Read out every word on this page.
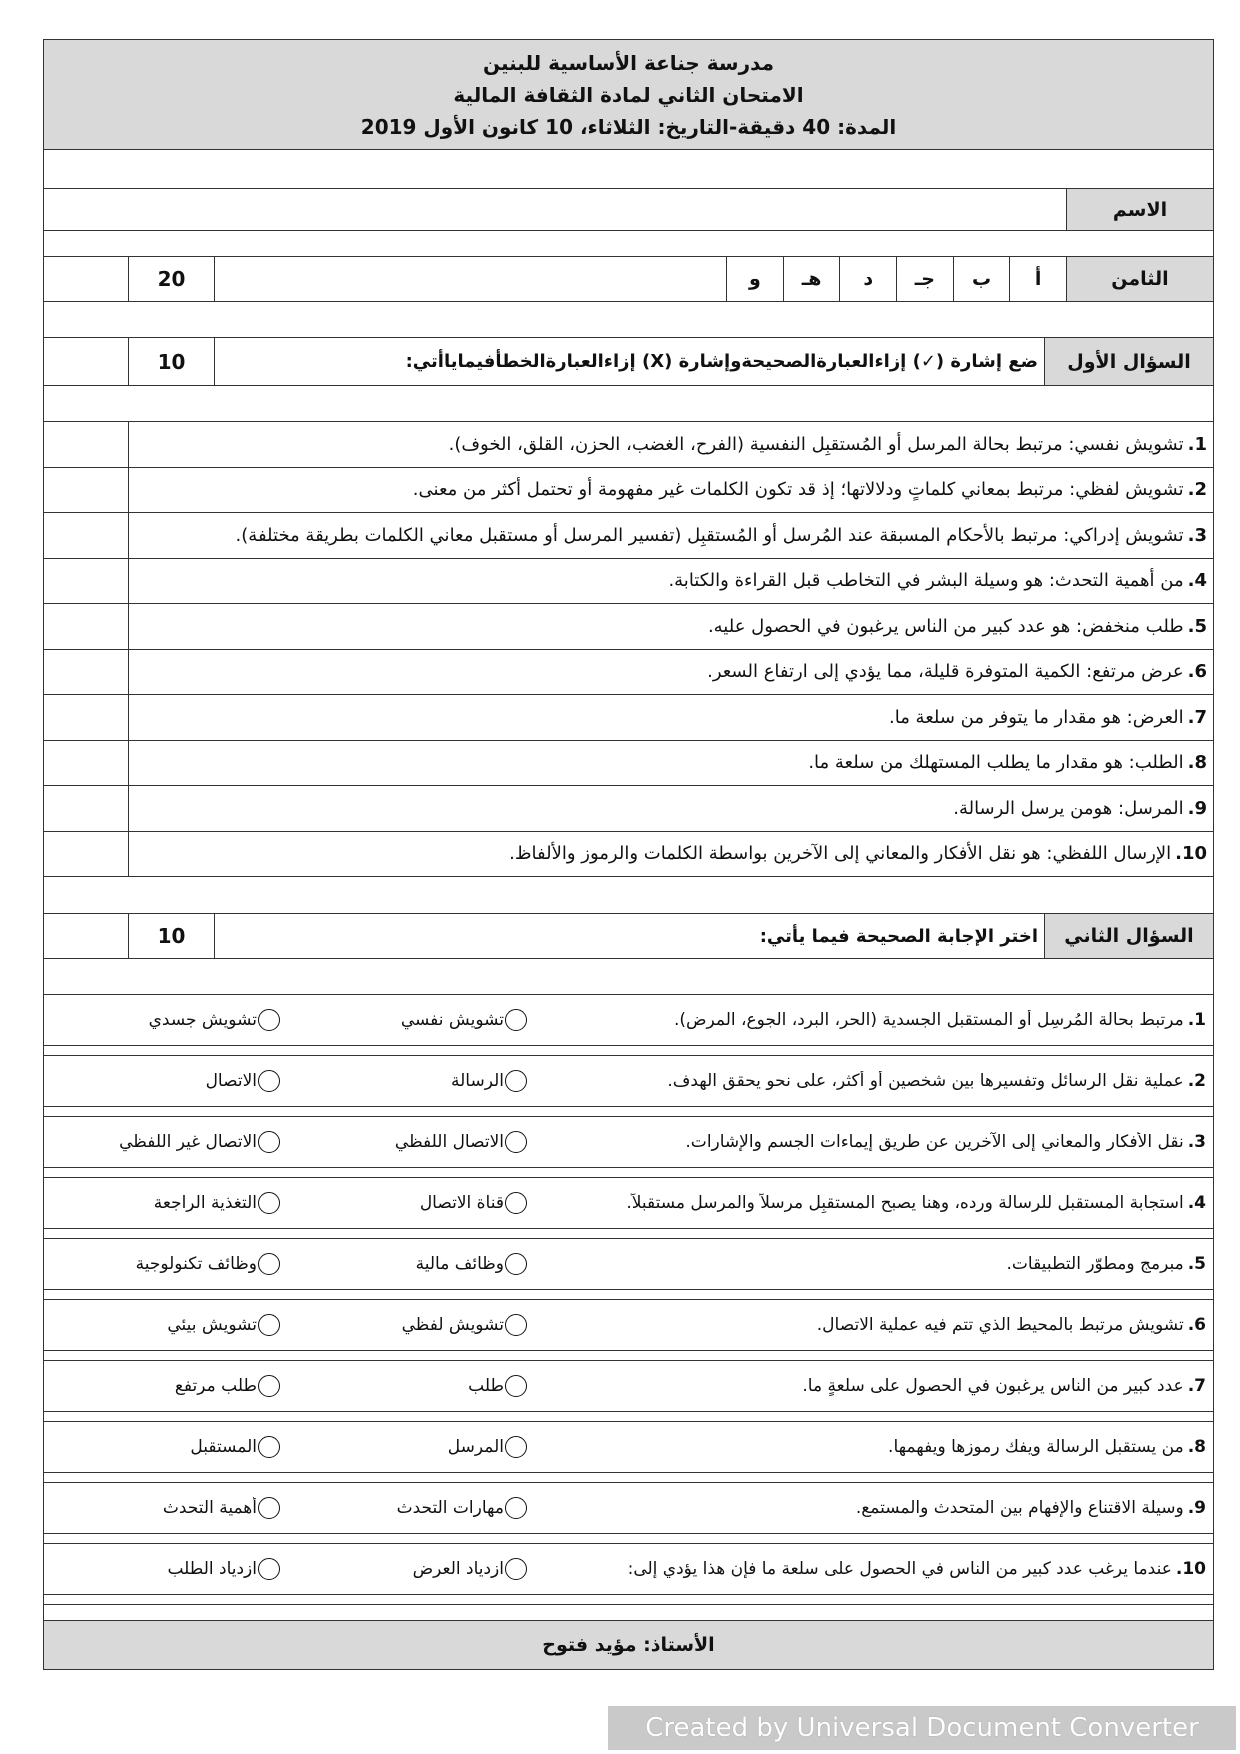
مدرسة جناعة الأساسية للبنين
الامتحان الثاني لمادة الثقافة المالية
المدة: 40 دقيقة-التاريخ: الثلاثاء، 10 كانون الأول 2019
الاسم
الثامن
أ
ب
جـ
د
هـ
و
20
السؤال الأول
ضع إشارة (✓) إزاءالعبارةالصحيحةوإشارة (X) إزاءالعبارةالخطأفيماياأتي:
10
1.
تشويش نفسي: مرتبط بحالة المرسل أو المُستقبِل النفسية (الفرح، الغضب، الحزن، القلق، الخوف).
2.
تشويش لفظي: مرتبط بمعاني كلماتٍ ودلالاتها؛ إذ قد تكون الكلمات غير مفهومة أو تحتمل أكثر من معنى.
3.
تشويش إدراكي: مرتبط بالأحكام المسبقة عند المُرسل أو المُستقبِل (تفسير المرسل أو مستقبل معاني الكلمات بطريقة مختلفة).
4.
من أهمية التحدث: هو وسيلة البشر في التخاطب قبل القراءة والكتابة.
5.
طلب منخفض: هو عدد كبير من الناس يرغبون في الحصول عليه.
6.
عرض مرتفع: الكمية المتوفرة قليلة، مما يؤدي إلى ارتفاع السعر.
7.
العرض: هو مقدار ما يتوفر من سلعة ما.
8.
الطلب: هو مقدار ما يطلب المستهلك من سلعة ما.
9.
المرسل: هومن يرسل الرسالة.
10.
الإرسال اللفظي: هو نقل الأفكار والمعاني إلى الآخرين بواسطة الكلمات والرموز والألفاظ.
السؤال الثاني
اختر الإجابة الصحيحة فيما يأتي:
10
1.
مرتبط بحالة المُرسِل أو المستقبل الجسدية (الحر، البرد، الجوع، المرض).
تشويش نفسي
تشويش جسدي
2.
عملية نقل الرسائل وتفسيرها بين شخصين أو أكثر، على نحو يحقق الهدف.
الرسالة
الاتصال
3.
نقل الأفكار والمعاني إلى الآخرين عن طريق إيماءات الجسم والإشارات.
الاتصال اللفظي
الاتصال غير اللفظي
4.
استجابة المستقبل للرسالة ورده، وهنا يصبح المستقبِل مرسلاً والمرسل مستقبلاً.
قناة الاتصال
التغذية الراجعة
5.
مبرمج ومطوّر التطبيقات.
وظائف مالية
وظائف تكنولوجية
6.
تشويش مرتبط بالمحيط الذي تتم فيه عملية الاتصال.
تشويش لفظي
تشويش بيئي
7.
عدد كبير من الناس يرغبون في الحصول على سلعةٍ ما.
طلب
طلب مرتفع
8.
من يستقبل الرسالة ويفك رموزها ويفهمها.
المرسل
المستقبل
9.
وسيلة الاقتناع والإفهام بين المتحدث والمستمع.
مهارات التحدث
أهمية التحدث
10.
عندما يرغب عدد كبير من الناس في الحصول على سلعة ما فإن هذا يؤدي إلى:
ازدياد العرض
ازدياد الطلب
الأستاذ: مؤيد فتوح
Created by Universal Document Converter
